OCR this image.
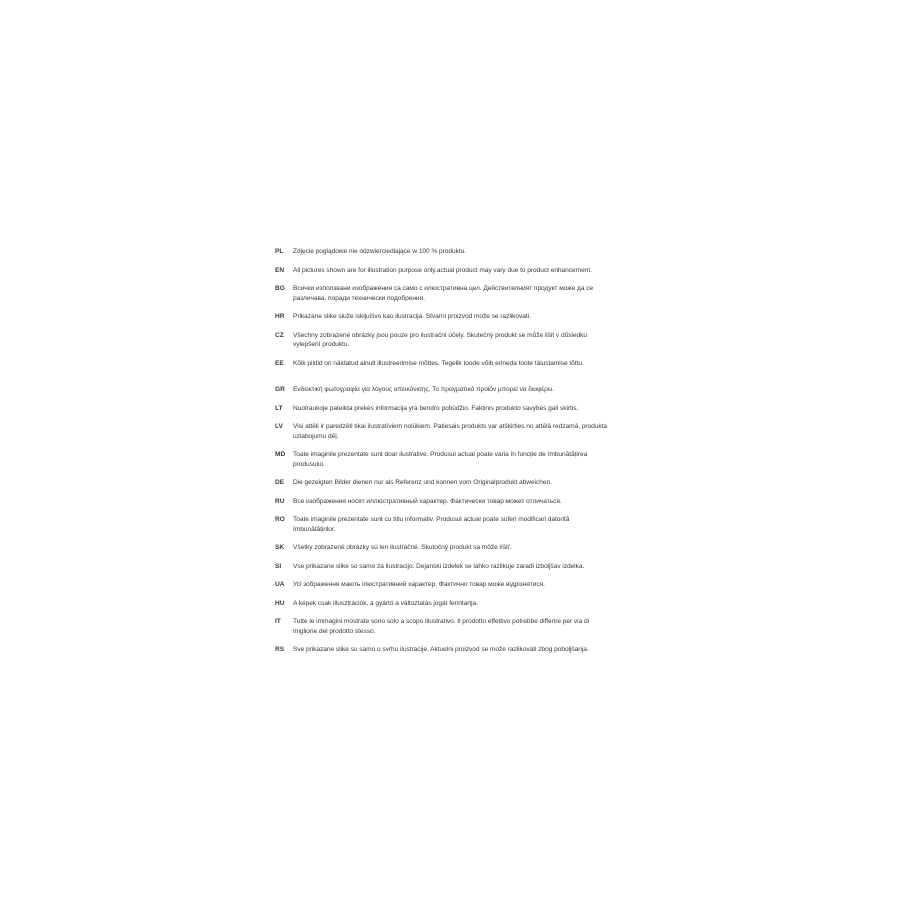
PL	Zdjęcie poglądowe nie odzwierciedlające w 100 % produktu.
EN	All pictures shown are for illustration purpose only.actual product may vary due to product enhancement.
BG	Всички използвани изображения са само с илюстративна цел. Действителният продукт може да се различава, поради технически подобрения.
HR	Prikazane slike služe isključivo kao ilustracija. Stvarni proizvod može se razlikovati.
CZ	Všechny zobrazené obrázky jsou pouze pro ilustrační účely. Skutečný produkt se může lišit v důsledku vylepšení produktu.
EE	Kõik pildid on näidatud ainult illustreerimise mõttes. Tegelik toode võib erineda toote täiustamise tõttu.
GR	Ενδεικτική φωτογραφία για λόγους απεικόνισης. Το πραγματικό προϊόν μπορεί να διαφέρει.
LT	Nuotraukoje pateikta prekės informacija yra bendro pobūdžio. Faktinis produkto savybės gali skirtis.
LV	Visi attēli ir paredzēti tikai ilustratīviem nolūkiem. Patiesais produkts var atšķirties no attēlā redzamā, produkta uzlabojumu dēļ.
MD	Toate imaginile prezentate sunt doar ilustrative. Produsul actual poate varia în funcție de îmbunătățirea produsului.
DE	Die gezeigten Bilder dienen nur als Referenz und konnen vom Originalprodukt abweichen.
RU	Все изображения носят иллюстративный характер. Фактически товар может отличаться.
RO	Toate imaginile prezentate sunt cu titlu informativ. Produsul actual poate suferi modificari datorită îmbunătățirilor.
SK	Všetky zobrazené obrázky sú len ilustračné. Skutočný produkt sa môže líšiť.
SI	Vse prikazane slike so samo za ilustracijo. Dejanski izdelek se lahko razlikuje zaradi izboljšav izdelka.
UA	Усі зображення мають ілюстративний характер. Фактично товар може відрізнятися.
HU	A képek csak illusztrációk, a gyártó a változtatás jogát fenntartja.
IT	Tutte le immagini mostrate sono solo a scopo illustrativo. Il prodotto effettivo potrebbe differire per via di migliorie del prodotto stesso.
RS	Sve prikazane slike su samo u svrhu ilustracije. Aktuelni proizvod se može razlikovati zbog poboljšanja.
